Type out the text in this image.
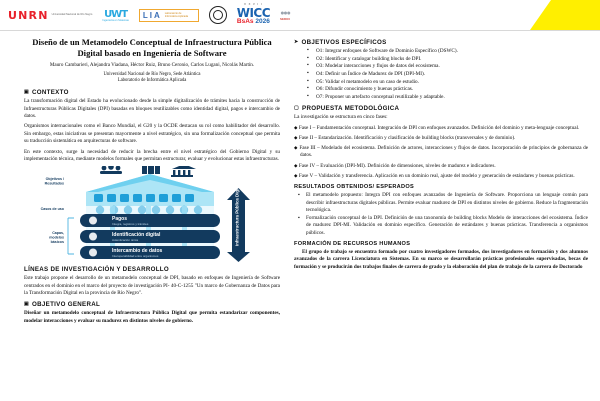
UNRN Universidad Nacional de Río Negro UWT
Ingeniería en Sistemas
LIA Laboratorio de Informática Aplicada
X X V I I
WICC
BsAs 2026
●●●
SEDICI
Diseño de un Metamodelo Conceptual de Infraestructura Pública Digital basado en Ingeniería de Software
Mauro Cambarieri, Alejandra Viadana, Héctor Ruiz, Bruno Ceronio, Carlos Lugani, Nicolás Martín.
Universidad Nacional de Río Negro, Sede Atlántica
Laboratorio de Informática Aplicada
▣ CONTEXTO

La transformación digital del Estado ha evolucionado desde la simple digitalización de trámites hacia la construcción de Infraestructuras Públicas Digitales (DPI) basadas en bloques reutilizables como identidad digital, pagos e intercambio de datos.

Organismos internacionales como el Banco Mundial, el G20 y la OCDE destacan su rol como habilitador del desarrollo. Sin embargo, estas iniciativas se presentan mayormente a nivel estratégico, sin una formalización conceptual que permita su traducción sistemática en arquitecturas de software.

En este contexto, surge la necesidad de reducir la brecha entre el nivel estratégico del Gobierno Digital y su implementación técnica, mediante modelos formales que permitan estructurar, evaluar y evolucionar estas infraestructuras.

Pagos
Integra, registros y trámites
Identificación digital
Autenticación única
Intercambio de datos
Interoperabilidad entre organismos
Infraestructura Pública Digital
Objetivos /
Resultados
Casos de uso
Capas,
modelos
básicos
LÍNEAS DE INVESTIGACIÓN Y DESARROLLO

Este trabajo propone el desarrollo de un metamodelo conceptual de DPI, basado en enfoques de Ingeniería de Software centrados en el dominio en el marco del proyecto de investigación PI- 40-C-1255 "Un marco de Gobernanza de Datos para la Transformación Digital en la provincia de Río Negro".

▣ OBJETIVO GENERAL

Diseñar un metamodelo conceptual de Infraestructura Pública Digital que permita estandarizar componentes, modelar interacciones y evaluar su madurez en distintos niveles de gobierno.

➤ OBJETIVOS ESPECÍFICOS
▪ O1: Integrar enfoques de Software de Dominio Específico (DSWC).
▪ O2: Identificar y catalogar building blocks de DPI.
▪ O3: Modelar interacciones y flujos de datos del ecosistema.
▪ O4: Definir un Índice de Madurez de DPI (DPI-MI).
▪ O5: Validar el metamodelo en un caso de estudio.
▪ O6: Difundir conocimiento y buenas prácticas.
▪ O7: Proponer un artefacto conceptual reutilizable y adaptable.
▢ PROPUESTA METODOLÓGICA

La investigación se estructura en cinco fases:

◆ Fase I – Fundamentación conceptual. Integración de DPI con enfoques avanzados. Definición del dominio y meta-lenguaje conceptual.

◆ Fase II – Estandarización. Identificación y clasificación de building blocks (transversales y de dominio).

◆ Fase III – Modelado del ecosistema. Definición de actores, interacciones y flujos de datos. Incorporación de principios de gobernanza de datos.

◆ Fase IV – Evaluación (DPI-MI). Definición de dimensiones, niveles de madurez e indicadores.

◆ Fase V – Validación y transferencia. Aplicación en un dominio real, ajuste del modelo y generación de estándares y buenas prácticas.

RESULTADOS OBTENIDOS/ ESPERADOS
▪ El metamodelo propuesto: Integra DPI con enfoques avanzados de Ingeniería de Software. Proporciona un lenguaje común para describir infraestructuras digitales públicas. Permite evaluar madurez de DPI en distintos niveles de gobierno. Reduce la fragmentación tecnológica.
▪ Formalización conceptual de la DPI. Definición de una taxonomía de building blocks Modelo de interacciones del ecosistema. Índice de madurez DPI-MI. Validación en dominio específico. Generación de estándares y buenas prácticas. Transferencia a organismos públicos.
FORMACIÓN DE RECURSOS HUMANOS

El grupo de trabajo se encuentra formado por cuatro investigadores formados, dos investigadores en formación y dos alumnos avanzados de la carrera Licenciatura en Sistemas. En su marco se desarrollarán prácticas profesionales supervisadas, becas de formación y se producirán dos trabajos finales de carrera de grado y la elaboración del plan de trabajo de la carrera de Doctorado
